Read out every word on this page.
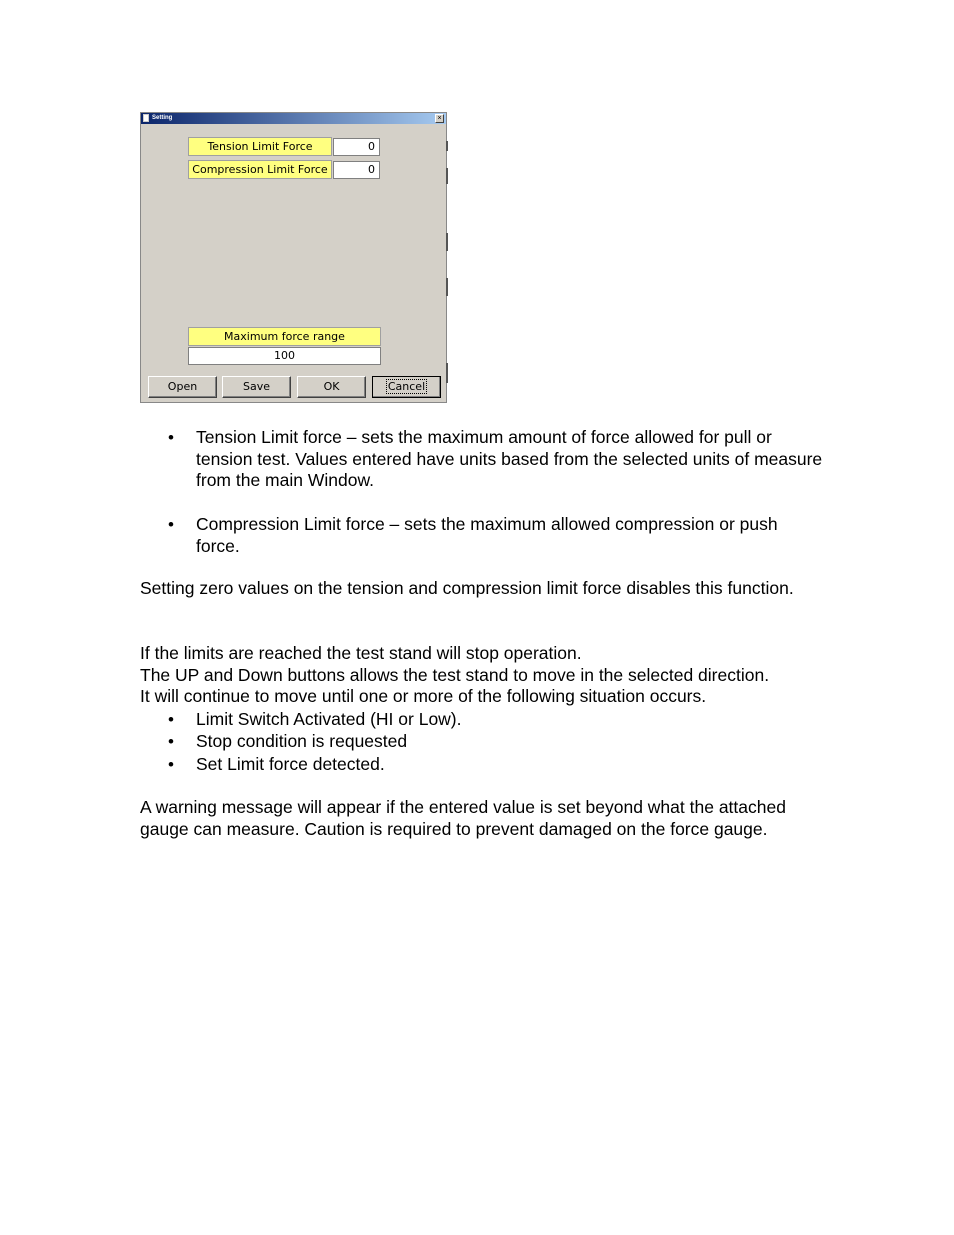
Setting	×
Tension Limit Force	0
Compression Limit Force	0
Maximum force range
100
Open	Save	OK	Cancel
• Tension Limit force – sets the maximum amount of force allowed for pull or tension test. Values entered have units based from the selected units of measure from the main Window.
• Compression Limit force – sets the maximum allowed compression or push force.
Setting zero values on the tension and compression limit force disables this function.
If the limits are reached the test stand will stop operation.
The UP and Down buttons allows the test stand to move in the selected direction.
It will continue to move until one or more of the following situation occurs.
• Limit Switch Activated (HI or Low).
• Stop condition is requested
• Set Limit force detected.
A warning message will appear if the entered value is set beyond what the attached gauge can measure. Caution is required to prevent damaged on the force gauge.
